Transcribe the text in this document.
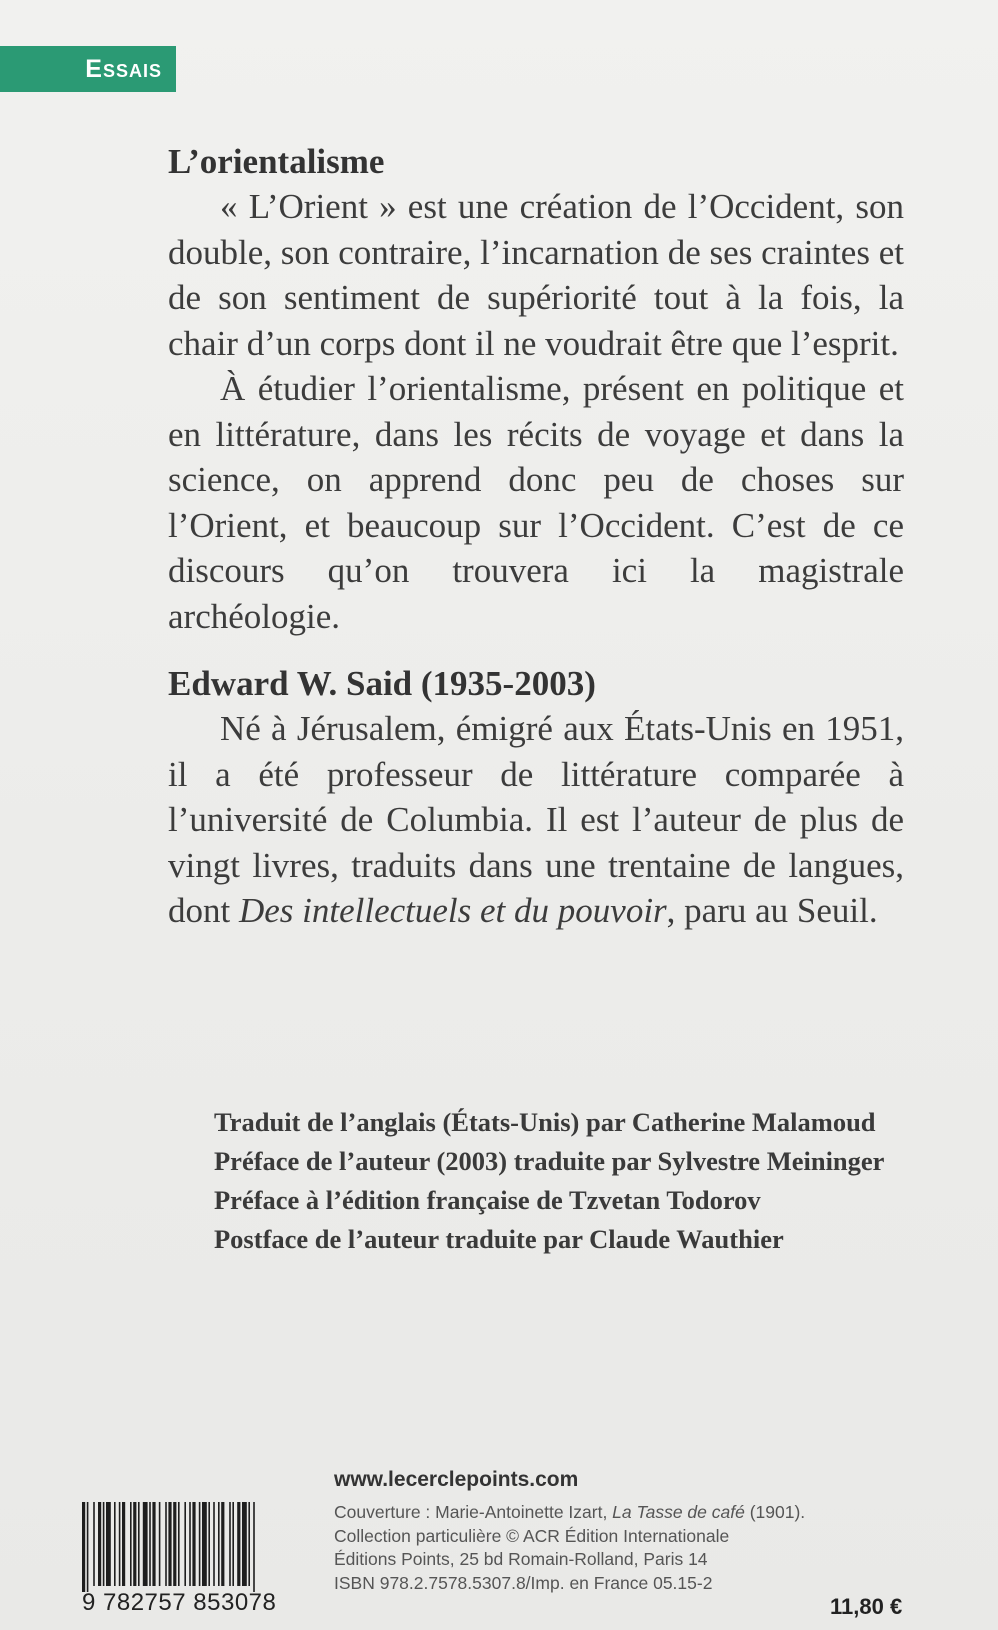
Essais
L’orientalisme

« L’Orient » est une création de l’Occident, son double, son contraire, l’incarnation de ses craintes et de son sentiment de supériorité tout à la fois, la chair d’un corps dont il ne voudrait être que l’esprit.

À étudier l’orientalisme, présent en politique et en littérature, dans les récits de voyage et dans la science, on apprend donc peu de choses sur l’Orient, et beaucoup sur l’Occident. C’est de ce discours qu’on trouvera ici la magistrale archéologie.

Edward W. Said (1935-2003)

Né à Jérusalem, émigré aux États-Unis en 1951, il a été professeur de littérature comparée à l’université de Columbia. Il est l’auteur de plus de vingt livres, traduits dans une trentaine de langues, dont Des intellectuels et du pouvoir, paru au Seuil.

Traduit de l’anglais (États-Unis) par Catherine Malamoud
Préface de l’auteur (2003) traduite par Sylvestre Meininger
Préface à l’édition française de Tzvetan Todorov
Postface de l’auteur traduite par Claude Wauthier
www.lecerclepoints.com
Couverture : Marie-Antoinette Izart, La Tasse de café (1901).
Collection particulière © ACR Édition Internationale
Éditions Points, 25 bd Romain-Rolland, Paris 14
ISBN 978.2.7578.5307.8/Imp. en France 05.15-2
9 782757 853078	11,80 €
